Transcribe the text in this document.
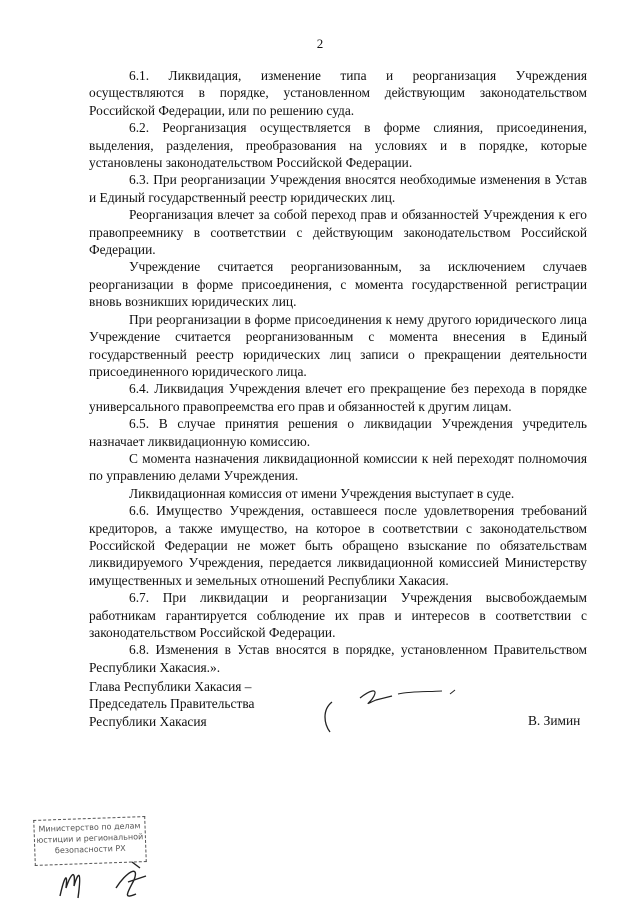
2

6.1. Ликвидация, изменение типа и реорганизация Учреждения осуществляются в порядке, установленном действующим законодательством Российской Федерации, или по решению суда.

6.2. Реорганизация осуществляется в форме слияния, присоединения, выделения, разделения, преобразования на условиях и в порядке, которые установлены законодательством Российской Федерации.

6.3. При реорганизации Учреждения вносятся необходимые изменения в Устав и Единый государственный реестр юридических лиц.

Реорганизация влечет за собой переход прав и обязанностей Учреждения к его правопреемнику в соответствии с действующим законодательством Российской Федерации.

Учреждение считается реорганизованным, за исключением случаев реорганизации в форме присоединения, с момента государственной регистрации вновь возникших юридических лиц.

При реорганизации в форме присоединения к нему другого юридического лица Учреждение считается реорганизованным с момента внесения в Единый государственный реестр юридических лиц записи о прекращении деятельности присоединенного юридического лица.

6.4. Ликвидация Учреждения влечет его прекращение без перехода в порядке универсального правопреемства его прав и обязанностей к другим лицам.

6.5. В случае принятия решения о ликвидации Учреждения учредитель назначает ликвидационную комиссию.

С момента назначения ликвидационной комиссии к ней переходят полномочия по управлению делами Учреждения.

Ликвидационная комиссия от имени Учреждения выступает в суде.

6.6. Имущество Учреждения, оставшееся после удовлетворения требований кредиторов, а также имущество, на которое в соответствии с законодательством Российской Федерации не может быть обращено взыскание по обязательствам ликвидируемого Учреждения, передается ликвидационной комиссией Министерству имущественных и земельных отношений Республики Хакасия.

6.7. При ликвидации и реорганизации Учреждения высвобождаемым работникам гарантируется соблюдение их прав и интересов в соответствии с законодательством Российской Федерации.

6.8. Изменения в Устав вносятся в порядке, установленном Правительством Республики Хакасия.».

Глава Республики Хакасия –
Председатель Правительства
Республики Хакасия	В. Зимин
Министерство по делам
юстиции и региональной
безопасности РХ
